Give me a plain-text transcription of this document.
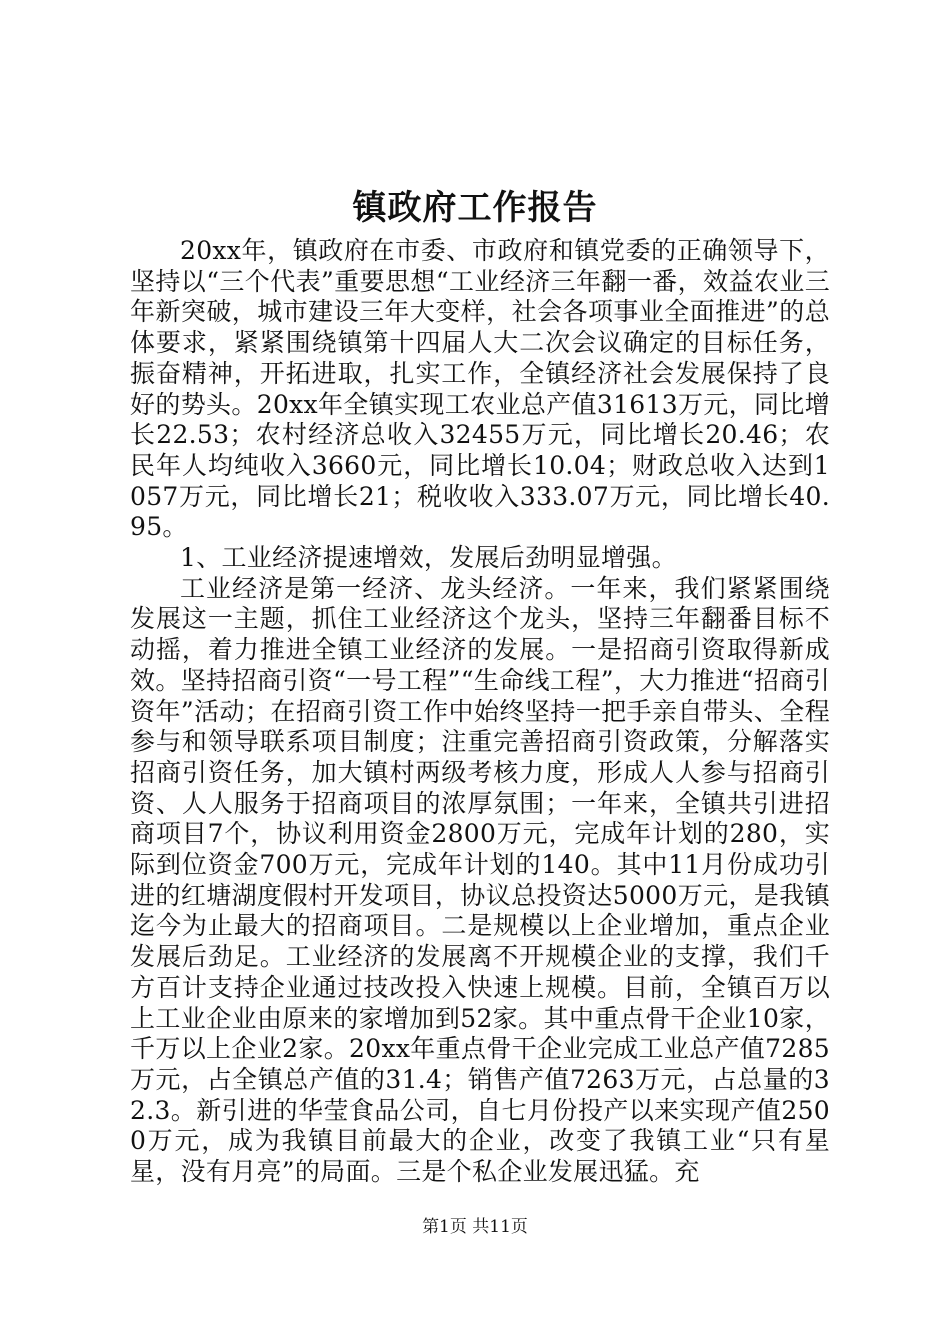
镇政府工作报告

20xx年，镇政府在市委、市政府和镇党委的正确领导下，坚持以“三个代表”重要思想“工业经济三年翻一番，效益农业三年新突破，城市建设三年大变样，社会各项事业全面推进”的总体要求，紧紧围绕镇第十四届人大二次会议确定的目标任务，振奋精神，开拓进取，扎实工作，全镇经济社会发展保持了良好的势头。20xx年全镇实现工农业总产值31613万元，同比增长22.53；农村经济总收入32455万元，同比增长20.46；农民年人均纯收入3660元，同比增长10.04；财政总收入达到1057万元，同比增长21；税收收入333.07万元，同比增长40.95。

1、工业经济提速增效，发展后劲明显增强。

工业经济是第一经济、龙头经济。一年来，我们紧紧围绕发展这一主题，抓住工业经济这个龙头，坚持三年翻番目标不动摇，着力推进全镇工业经济的发展。一是招商引资取得新成效。坚持招商引资“一号工程”“生命线工程”，大力推进“招商引资年”活动；在招商引资工作中始终坚持一把手亲自带头、全程参与和领导联系项目制度；注重完善招商引资政策，分解落实招商引资任务，加大镇村两级考核力度，形成人人参与招商引资、人人服务于招商项目的浓厚氛围；一年来，全镇共引进招商项目7个，协议利用资金2800万元，完成年计划的280，实际到位资金700万元，完成年计划的140。其中11月份成功引进的红塘湖度假村开发项目，协议总投资达5000万元，是我镇迄今为止最大的招商项目。二是规模以上企业增加，重点企业发展后劲足。工业经济的发展离不开规模企业的支撑，我们千方百计支持企业通过技改投入快速上规模。目前，全镇百万以上工业企业由原来的家增加到52家。其中重点骨干企业10家，千万以上企业2家。20xx年重点骨干企业完成工业总产值7285万元，占全镇总产值的31.4；销售产值7263万元，占总量的32.3。新引进的华莹食品公司，自七月份投产以来实现产值2500万元，成为我镇目前最大的企业，改变了我镇工业“只有星星，没有月亮”的局面。三是个私企业发展迅猛。充

第1页 共11页
